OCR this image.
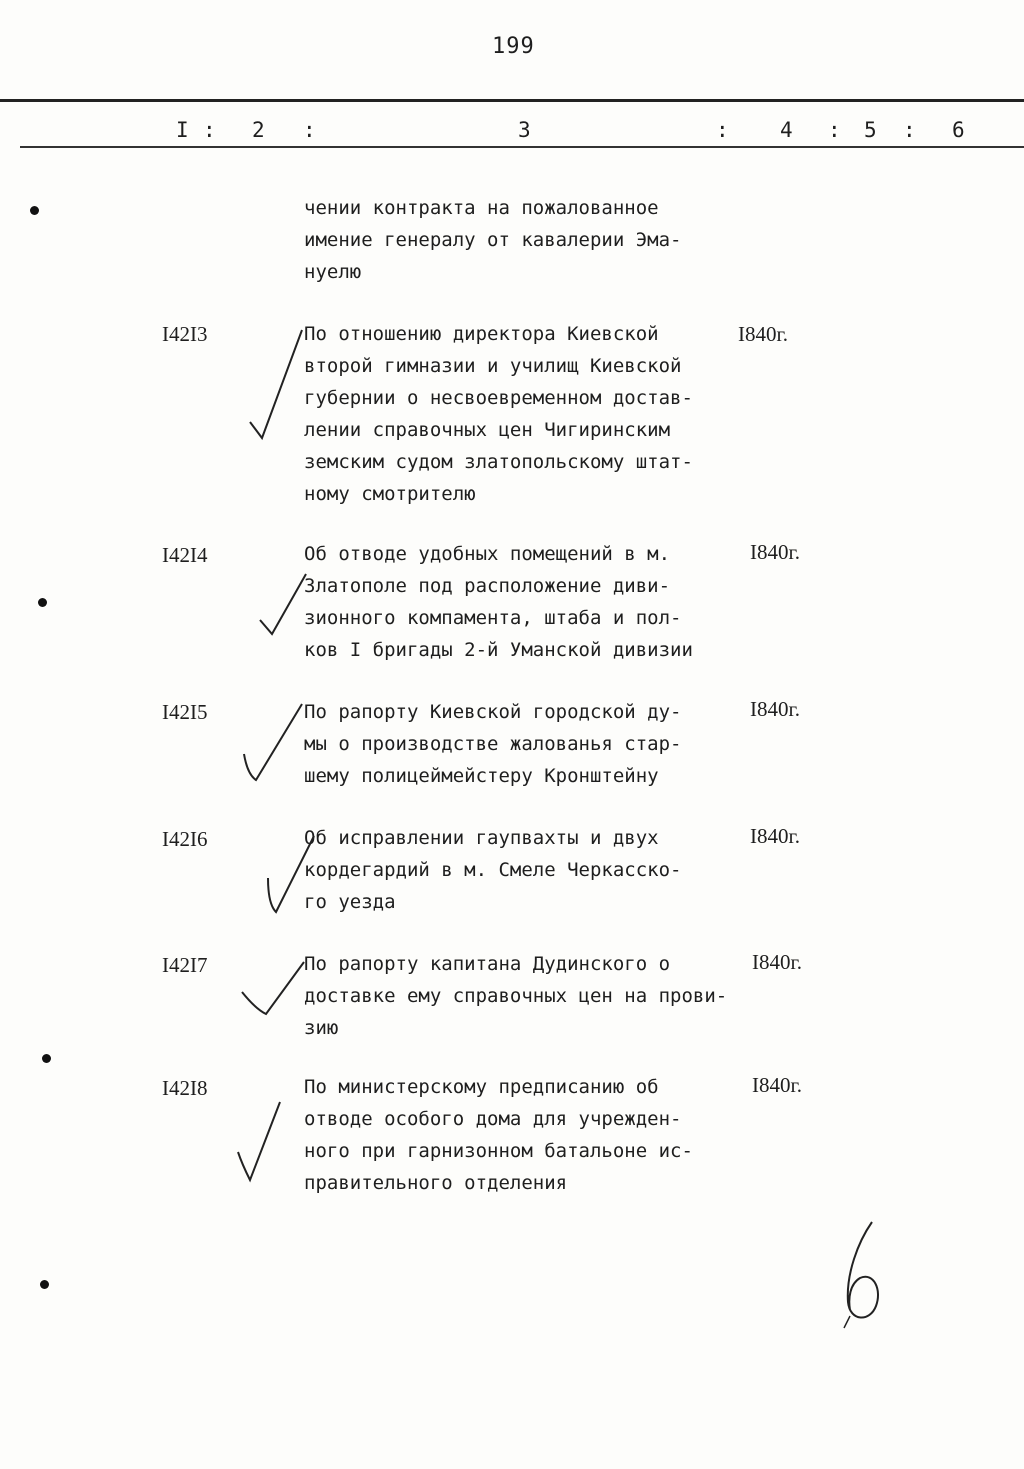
199
I : 2 :	3	: 4 : 5 : 6
чении контракта на пожалованное
имение генералу от кавалерии Эма-
нуелю
I42I3	По отношению директора Киевской
второй гимназии и училищ Киевской
губернии о несвоевременном достав-
лении справочных цен Чигиринским
земским судом златопольскому штат-
ному смотрителю
I840г.
I42I4	Об отводе удобных помещений в м.
Златополе под расположение диви-
зионного компамента, штаба и пол-
ков I бригады 2-й Уманской дивизии
I840г.
I42I5	По рапорту Киевской городской ду-
мы о производстве жалованья стар-
шему полицеймейстеру Кронштейну
I840г.
I42I6	Об исправлении гаупвахты и двух
кордегардий в м. Смеле Черкасско-
го уезда
I840г.
I42I7	По рапорту капитана Дудинского о
доставке ему справочных цен на прови-
зию
I840г.
I42I8	По министерскому предписанию об
отводе особого дома для учрежден-
ного при гарнизонном батальоне ис-
правительного отделения
I840г.
